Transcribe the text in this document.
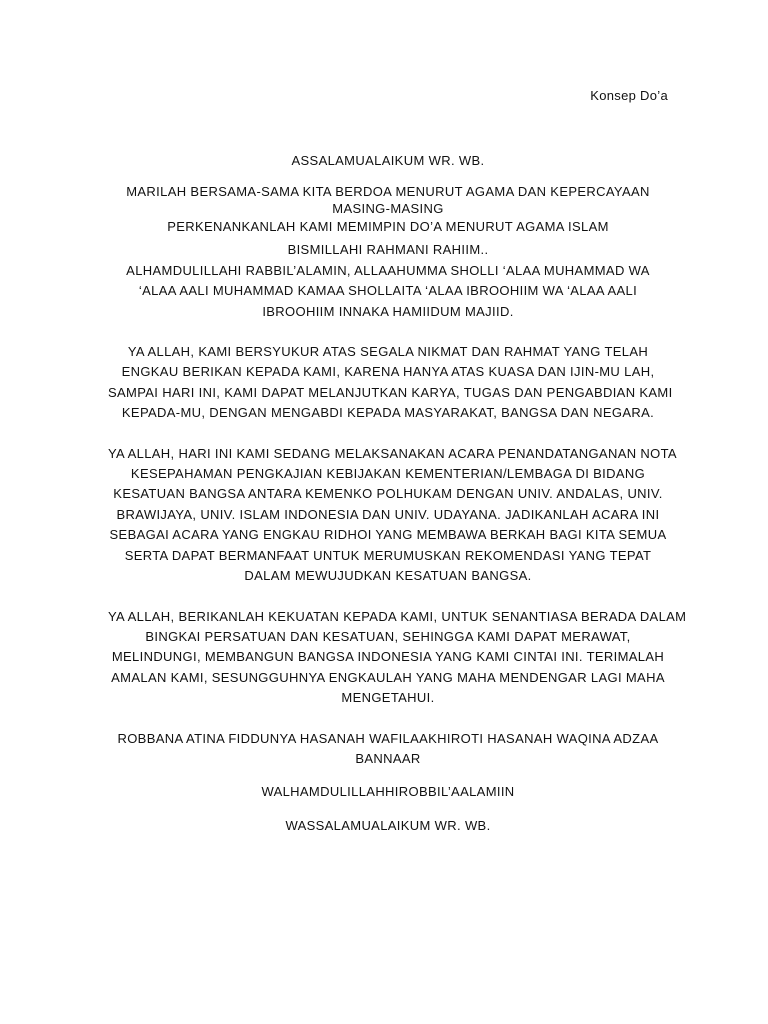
Konsep Do’a
ASSALAMUALAIKUM WR. WB.
MARILAH BERSAMA-SAMA KITA BERDOA MENURUT AGAMA DAN KEPERCAYAAN
MASING-MASING
PERKENANKANLAH KAMI MEMIMPIN DO’A MENURUT AGAMA ISLAM
BISMILLAHI RAHMANI RAHIIM..
ALHAMDULILLAHI RABBIL’ALAMIN, ALLAAHUMMA SHOLLI ‘ALAA MUHAMMAD WA
‘ALAA AALI MUHAMMAD KAMAA SHOLLAITA ‘ALAA IBROOHIIM WA ‘ALAA AALI
IBROOHIIM INNAKA HAMIIDUM MAJIID.
YA ALLAH, KAMI BERSYUKUR ATAS SEGALA NIKMAT DAN RAHMAT YANG TELAH
ENGKAU BERIKAN KEPADA KAMI, KARENA HANYA ATAS KUASA DAN IJIN-MU LAH,
SAMPAI HARI INI, KAMI DAPAT MELANJUTKAN KARYA, TUGAS DAN PENGABDIAN KAMI
KEPADA-MU, DENGAN MENGABDI KEPADA MASYARAKAT, BANGSA DAN NEGARA.
YA ALLAH, HARI INI KAMI SEDANG MELAKSANAKAN ACARA PENANDATANGANAN NOTA
KESEPAHAMAN PENGKAJIAN KEBIJAKAN KEMENTERIAN/LEMBAGA DI BIDANG
KESATUAN BANGSA ANTARA KEMENKO POLHUKAM DENGAN UNIV. ANDALAS, UNIV.
BRAWIJAYA, UNIV. ISLAM INDONESIA DAN UNIV. UDAYANA. JADIKANLAH ACARA INI
SEBAGAI ACARA YANG ENGKAU RIDHOI YANG MEMBAWA BERKAH BAGI KITA SEMUA
SERTA DAPAT BERMANFAAT UNTUK MERUMUSKAN REKOMENDASI YANG TEPAT
DALAM MEWUJUDKAN KESATUAN BANGSA.
YA ALLAH, BERIKANLAH KEKUATAN KEPADA KAMI, UNTUK SENANTIASA BERADA DALAM
BINGKAI PERSATUAN DAN KESATUAN, SEHINGGA KAMI DAPAT MERAWAT,
MELINDUNGI, MEMBANGUN BANGSA INDONESIA YANG KAMI CINTAI INI. TERIMALAH
AMALAN KAMI, SESUNGGUHNYA ENGKAULAH YANG MAHA MENDENGAR LAGI MAHA
MENGETAHUI.
ROBBANA ATINA FIDDUNYA HASANAH WAFILAAKHIROTI HASANAH WAQINA ADZAA
BANNAAR
WALHAMDULILLAHHIROBBIL’AALAMIIN
WASSALAMUALAIKUM WR. WB.
